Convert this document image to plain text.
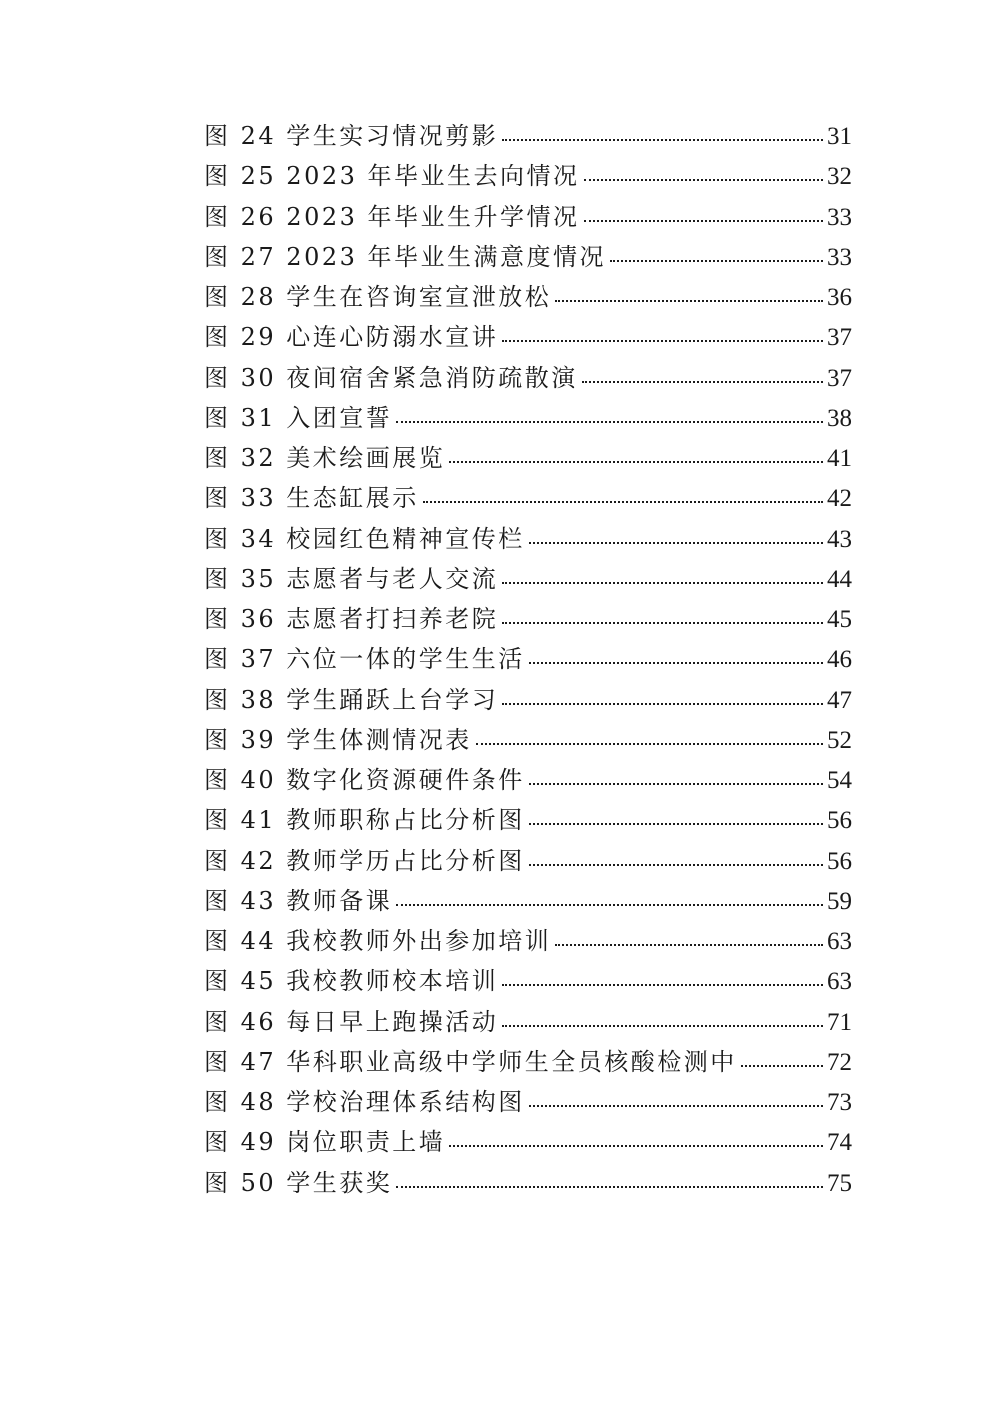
图 24 学生实习情况剪影	31
图 25 2023 年毕业生去向情况	32
图 26 2023 年毕业生升学情况	33
图 27 2023 年毕业生满意度情况	33
图 28 学生在咨询室宣泄放松	36
图 29 心连心防溺水宣讲	37
图 30 夜间宿舍紧急消防疏散演	37
图 31 入团宣誓	38
图 32 美术绘画展览	41
图 33 生态缸展示	42
图 34 校园红色精神宣传栏	43
图 35 志愿者与老人交流	44
图 36 志愿者打扫养老院	45
图 37 六位一体的学生生活	46
图 38 学生踊跃上台学习	47
图 39 学生体测情况表	52
图 40 数字化资源硬件条件	54
图 41 教师职称占比分析图	56
图 42 教师学历占比分析图	56
图 43 教师备课	59
图 44 我校教师外出参加培训	63
图 45 我校教师校本培训	63
图 46 每日早上跑操活动	71
图 47 华科职业高级中学师生全员核酸检测中	72
图 48 学校治理体系结构图	73
图 49 岗位职责上墙	74
图 50 学生获奖	75
